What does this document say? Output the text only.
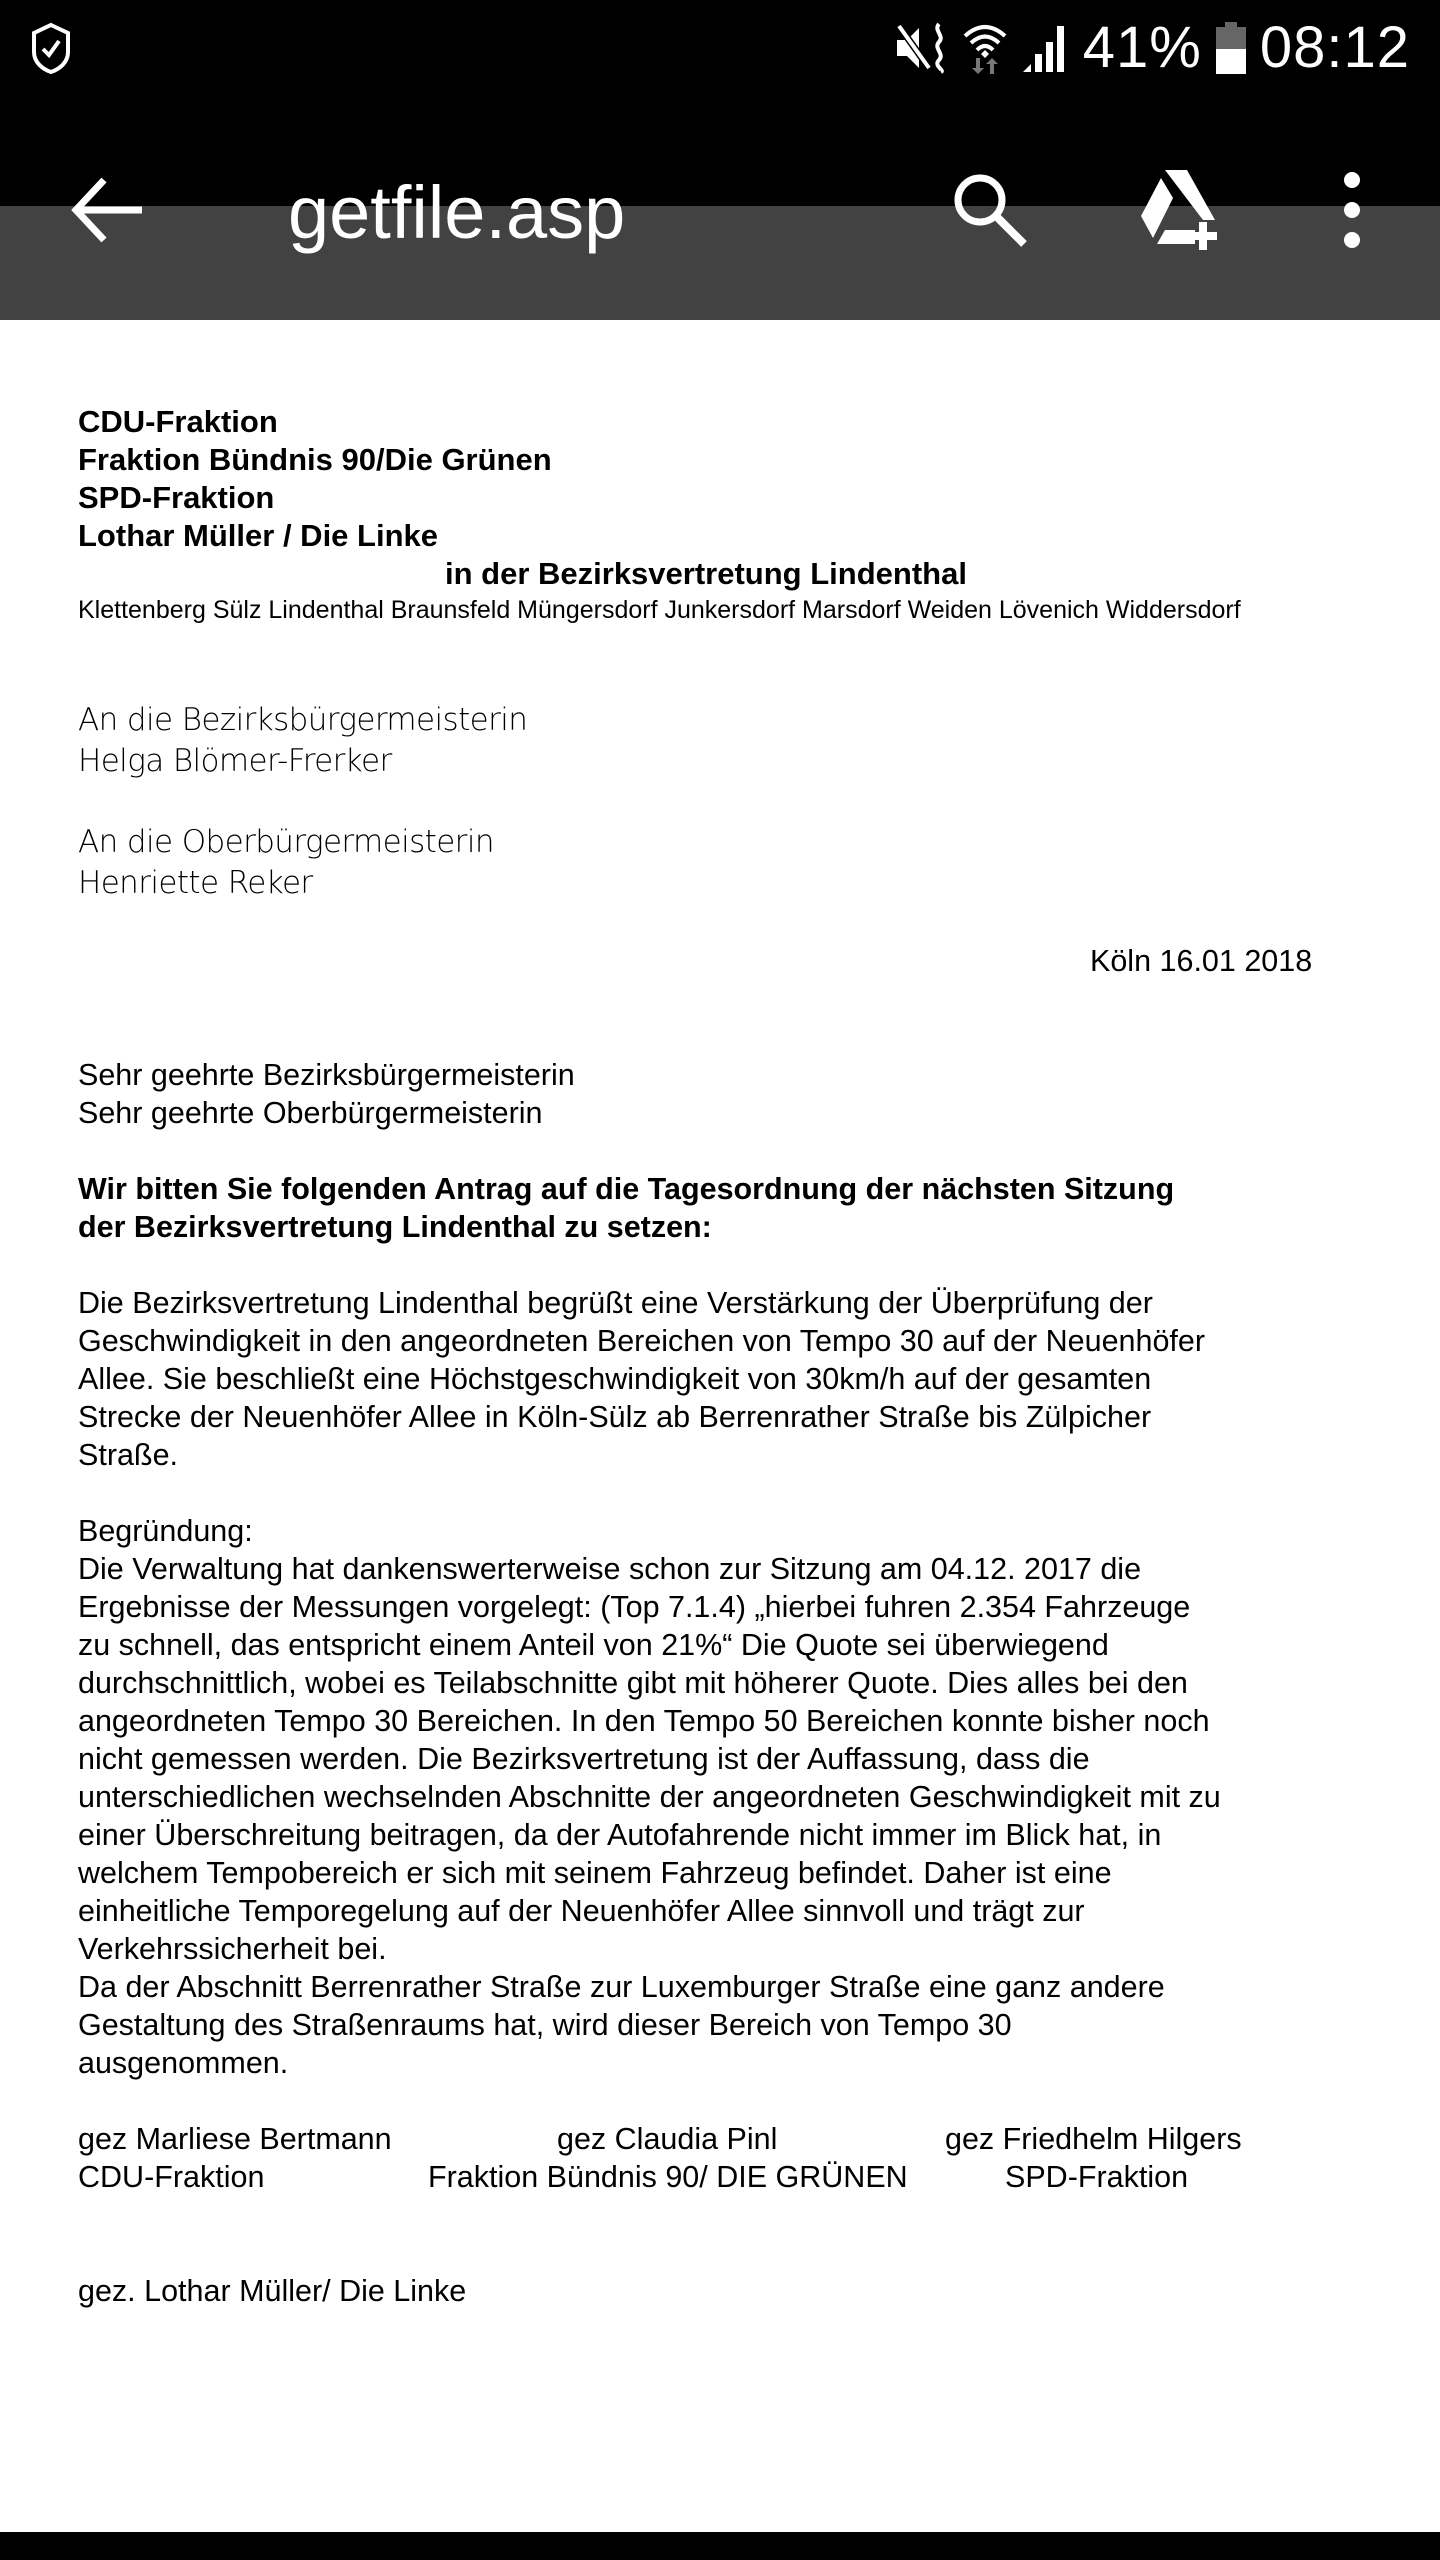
41% 08:12
getfile.asp
CDU-Fraktion
Fraktion Bündnis 90/Die Grünen
SPD-Fraktion
Lothar Müller / Die Linke
in der Bezirksvertretung Lindenthal
Klettenberg Sülz Lindenthal Braunsfeld Müngersdorf Junkersdorf Marsdorf Weiden Lövenich Widdersdorf
An die Bezirksbürgermeisterin
Helga Blömer-Frerker
An die Oberbürgermeisterin
Henriette Reker
Köln 16.01 2018
Sehr geehrte Bezirksbürgermeisterin
Sehr geehrte Oberbürgermeisterin
Wir bitten Sie folgenden Antrag auf die Tagesordnung der nächsten Sitzung
der Bezirksvertretung Lindenthal zu setzen:
Die Bezirksvertretung Lindenthal begrüßt eine Verstärkung der Überprüfung der
Geschwindigkeit in den angeordneten Bereichen von Tempo 30 auf der Neuenhöfer
Allee. Sie beschließt eine Höchstgeschwindigkeit von 30km/h auf der gesamten
Strecke der Neuenhöfer Allee in Köln-Sülz ab Berrenrather Straße bis Zülpicher
Straße.
Begründung:
Die Verwaltung hat dankenswerterweise schon zur Sitzung am 04.12. 2017 die
Ergebnisse der Messungen vorgelegt: (Top 7.1.4) „hierbei fuhren 2.354 Fahrzeuge
zu schnell, das entspricht einem Anteil von 21%“ Die Quote sei überwiegend
durchschnittlich, wobei es Teilabschnitte gibt mit höherer Quote. Dies alles bei den
angeordneten Tempo 30 Bereichen. In den Tempo 50 Bereichen konnte bisher noch
nicht gemessen werden. Die Bezirksvertretung ist der Auffassung, dass die
unterschiedlichen wechselnden Abschnitte der angeordneten Geschwindigkeit mit zu
einer Überschreitung beitragen, da der Autofahrende nicht immer im Blick hat, in
welchem Tempobereich er sich mit seinem Fahrzeug befindet. Daher ist eine
einheitliche Temporegelung auf der Neuenhöfer Allee sinnvoll und trägt zur
Verkehrssicherheit bei.
Da der Abschnitt Berrenrather Straße zur Luxemburger Straße eine ganz andere
Gestaltung des Straßenraums hat, wird dieser Bereich von Tempo 30
ausgenommen.
gez Marliese Bertmann	gez Claudia Pinl	gez Friedhelm Hilgers
CDU-Fraktion	Fraktion Bündnis 90/ DIE GRÜNEN	SPD-Fraktion
gez. Lothar Müller/ Die Linke
